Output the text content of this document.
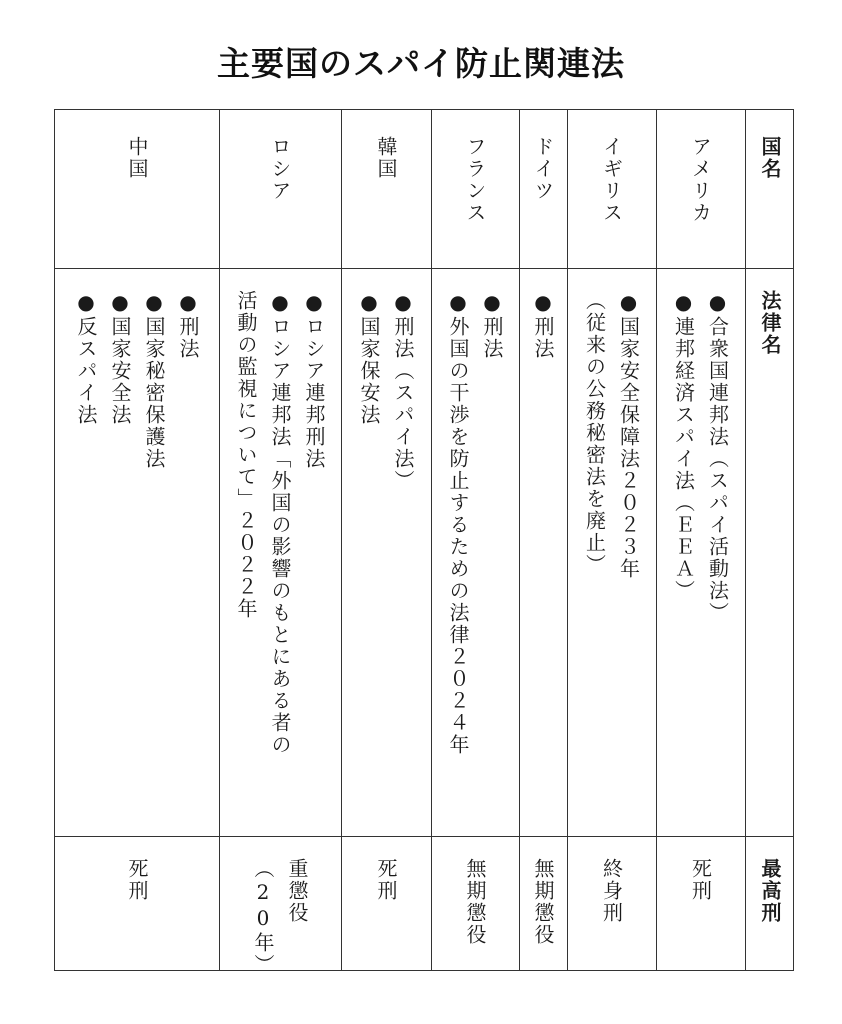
主要国のスパイ防止関連法
国名
法律名
最高刑
アメリカ
●合衆国連邦法（スパイ活動法）
●連邦経済スパイ法（ＥＥＡ）
死刑
イギリス
●国家安全保障法２０２３年
（従来の公務秘密法を廃止）
終身刑
ドイツ
●刑法
無期懲役
フランス
●刑法
●外国の干渉を防止するための法律２０２４年
無期懲役
韓国
●刑法（スパイ法）
●国家保安法
死刑
ロシア
●ロシア連邦刑法
●ロシア連邦法「外国の影響のもとにある者の
活動の監視について」２０２２年
重懲役
（20年）
中国
●刑法
●国家秘密保護法
●国家安全法
●反スパイ法
死刑
